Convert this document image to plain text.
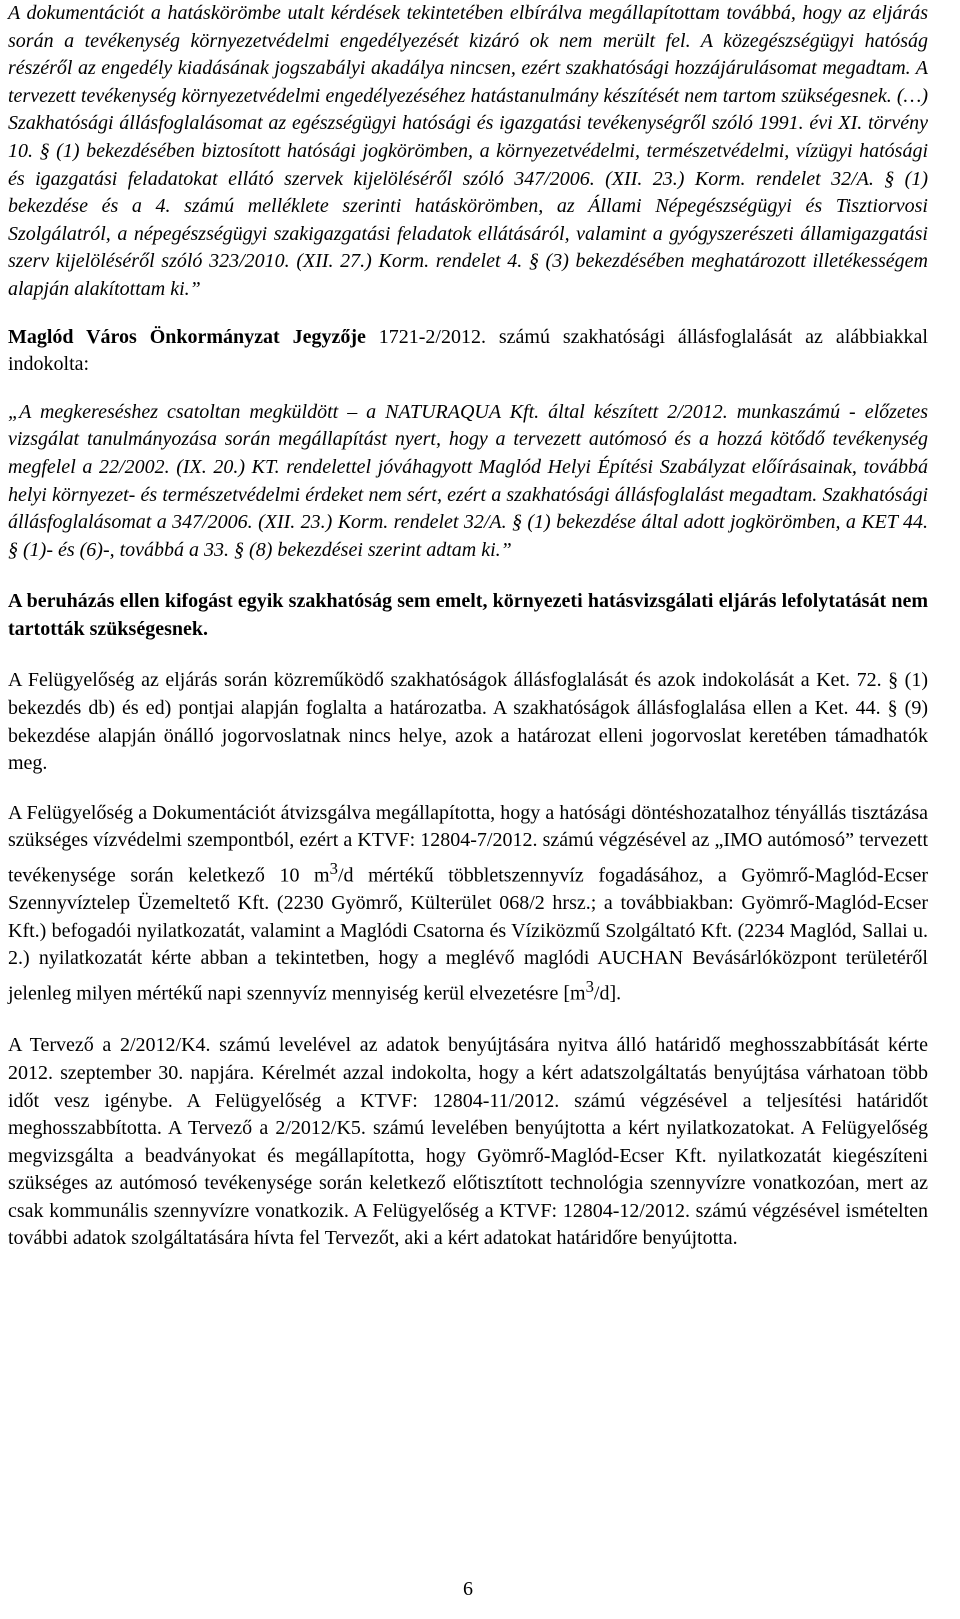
A dokumentációt a hatáskörömbe utalt kérdések tekintetében elbírálva megállapítottam továbbá, hogy az eljárás során a tevékenység környezetvédelmi engedélyezését kizáró ok nem merült fel. A közegészségügyi hatóság részéről az engedély kiadásának jogszabályi akadálya nincsen, ezért szakhatósági hozzájárulásomat megadtam. A tervezett tevékenység környezetvédelmi engedélyezéséhez hatástanulmány készítését nem tartom szükségesnek. (…) Szakhatósági állásfoglalásomat az egészségügyi hatósági és igazgatási tevékenységről szóló 1991. évi XI. törvény 10. § (1) bekezdésében biztosított hatósági jogkörömben, a környezetvédelmi, természetvédelmi, vízügyi hatósági és igazgatási feladatokat ellátó szervek kijelöléséről szóló 347/2006. (XII. 23.) Korm. rendelet 32/A. § (1) bekezdése és a 4. számú melléklete szerinti hatáskörömben, az Állami Népegészségügyi és Tisztiorvosi Szolgálatról, a népegészségügyi szakigazgatási feladatok ellátásáról, valamint a gyógyszerészeti államigazgatási szerv kijelöléséről szóló 323/2010. (XII. 27.) Korm. rendelet 4. § (3) bekezdésében meghatározott illetékességem alapján alakítottam ki.”

Maglód Város Önkormányzat Jegyzője 1721-2/2012. számú szakhatósági állásfoglalását az alábbiakkal indokolta:

„A megkereséshez csatoltan megküldött – a NATURAQUA Kft. által készített 2/2012. munkaszámú - előzetes vizsgálat tanulmányozása során megállapítást nyert, hogy a tervezett autómosó és a hozzá kötődő tevékenység megfelel a 22/2002. (IX. 20.) KT. rendelettel jóváhagyott Maglód Helyi Építési Szabályzat előírásainak, továbbá helyi környezet- és természetvédelmi érdeket nem sért, ezért a szakhatósági állásfoglalást megadtam. Szakhatósági állásfoglalásomat a 347/2006. (XII. 23.) Korm. rendelet 32/A. § (1) bekezdése által adott jogkörömben, a KET 44. § (1)- és (6)-, továbbá a 33. § (8) bekezdései szerint adtam ki.”

A beruházás ellen kifogást egyik szakhatóság sem emelt, környezeti hatásvizsgálati eljárás lefolytatását nem tartották szükségesnek.

A Felügyelőség az eljárás során közreműködő szakhatóságok állásfoglalását és azok indokolását a Ket. 72. § (1) bekezdés db) és ed) pontjai alapján foglalta a határozatba. A szakhatóságok állásfoglalása ellen a Ket. 44. § (9) bekezdése alapján önálló jogorvoslatnak nincs helye, azok a határozat elleni jogorvoslat keretében támadhatók meg.

A Felügyelőség a Dokumentációt átvizsgálva megállapította, hogy a hatósági döntéshozatalhoz tényállás tisztázása szükséges vízvédelmi szempontból, ezért a KTVF: 12804-7/2012. számú végzésével az „IMO autómosó” tervezett tevékenysége során keletkező 10 $m^3/d$ mértékű többletszennyvíz fogadásához, a Gyömrő-Maglód-Ecser Szennyvíztelep Üzemeltető Kft. (2230 Gyömrő, Külterület 068/2 hrsz.; a továbbiakban: Gyömrő-Maglód-Ecser Kft.) befogadói nyilatkozatát, valamint a Maglódi Csatorna és Víziközmű Szolgáltató Kft. (2234 Maglód, Sallai u. 2.) nyilatkozatát kérte abban a tekintetben, hogy a meglévő maglódi AUCHAN Bevásárlóközpont területéről jelenleg milyen mértékű napi szennyvíz mennyiség kerül elvezetésre $[m^3/d]$.

A Tervező a 2/2012/K4. számú levelével az adatok benyújtására nyitva álló határidő meghosszabbítását kérte 2012. szeptember 30. napjára. Kérelmét azzal indokolta, hogy a kért adatszolgáltatás benyújtása várhatoan több időt vesz igénybe. A Felügyelőség a KTVF: 12804-11/2012. számú végzésével a teljesítési határidőt meghosszabbította. A Tervező a 2/2012/K5. számú levelében benyújtotta a kért nyilatkozatokat. A Felügyelőség megvizsgálta a beadványokat és megállapította, hogy Gyömrő-Maglód-Ecser Kft. nyilatkozatát kiegészíteni szükséges az autómosó tevékenysége során keletkező előtisztított technológia szennyvízre vonatkozóan, mert az csak kommunális szennyvízre vonatkozik. A Felügyelőség a KTVF: 12804-12/2012. számú végzésével ismételten további adatok szolgáltatására hívta fel Tervezőt, aki a kért adatokat határidőre benyújtotta.

6
